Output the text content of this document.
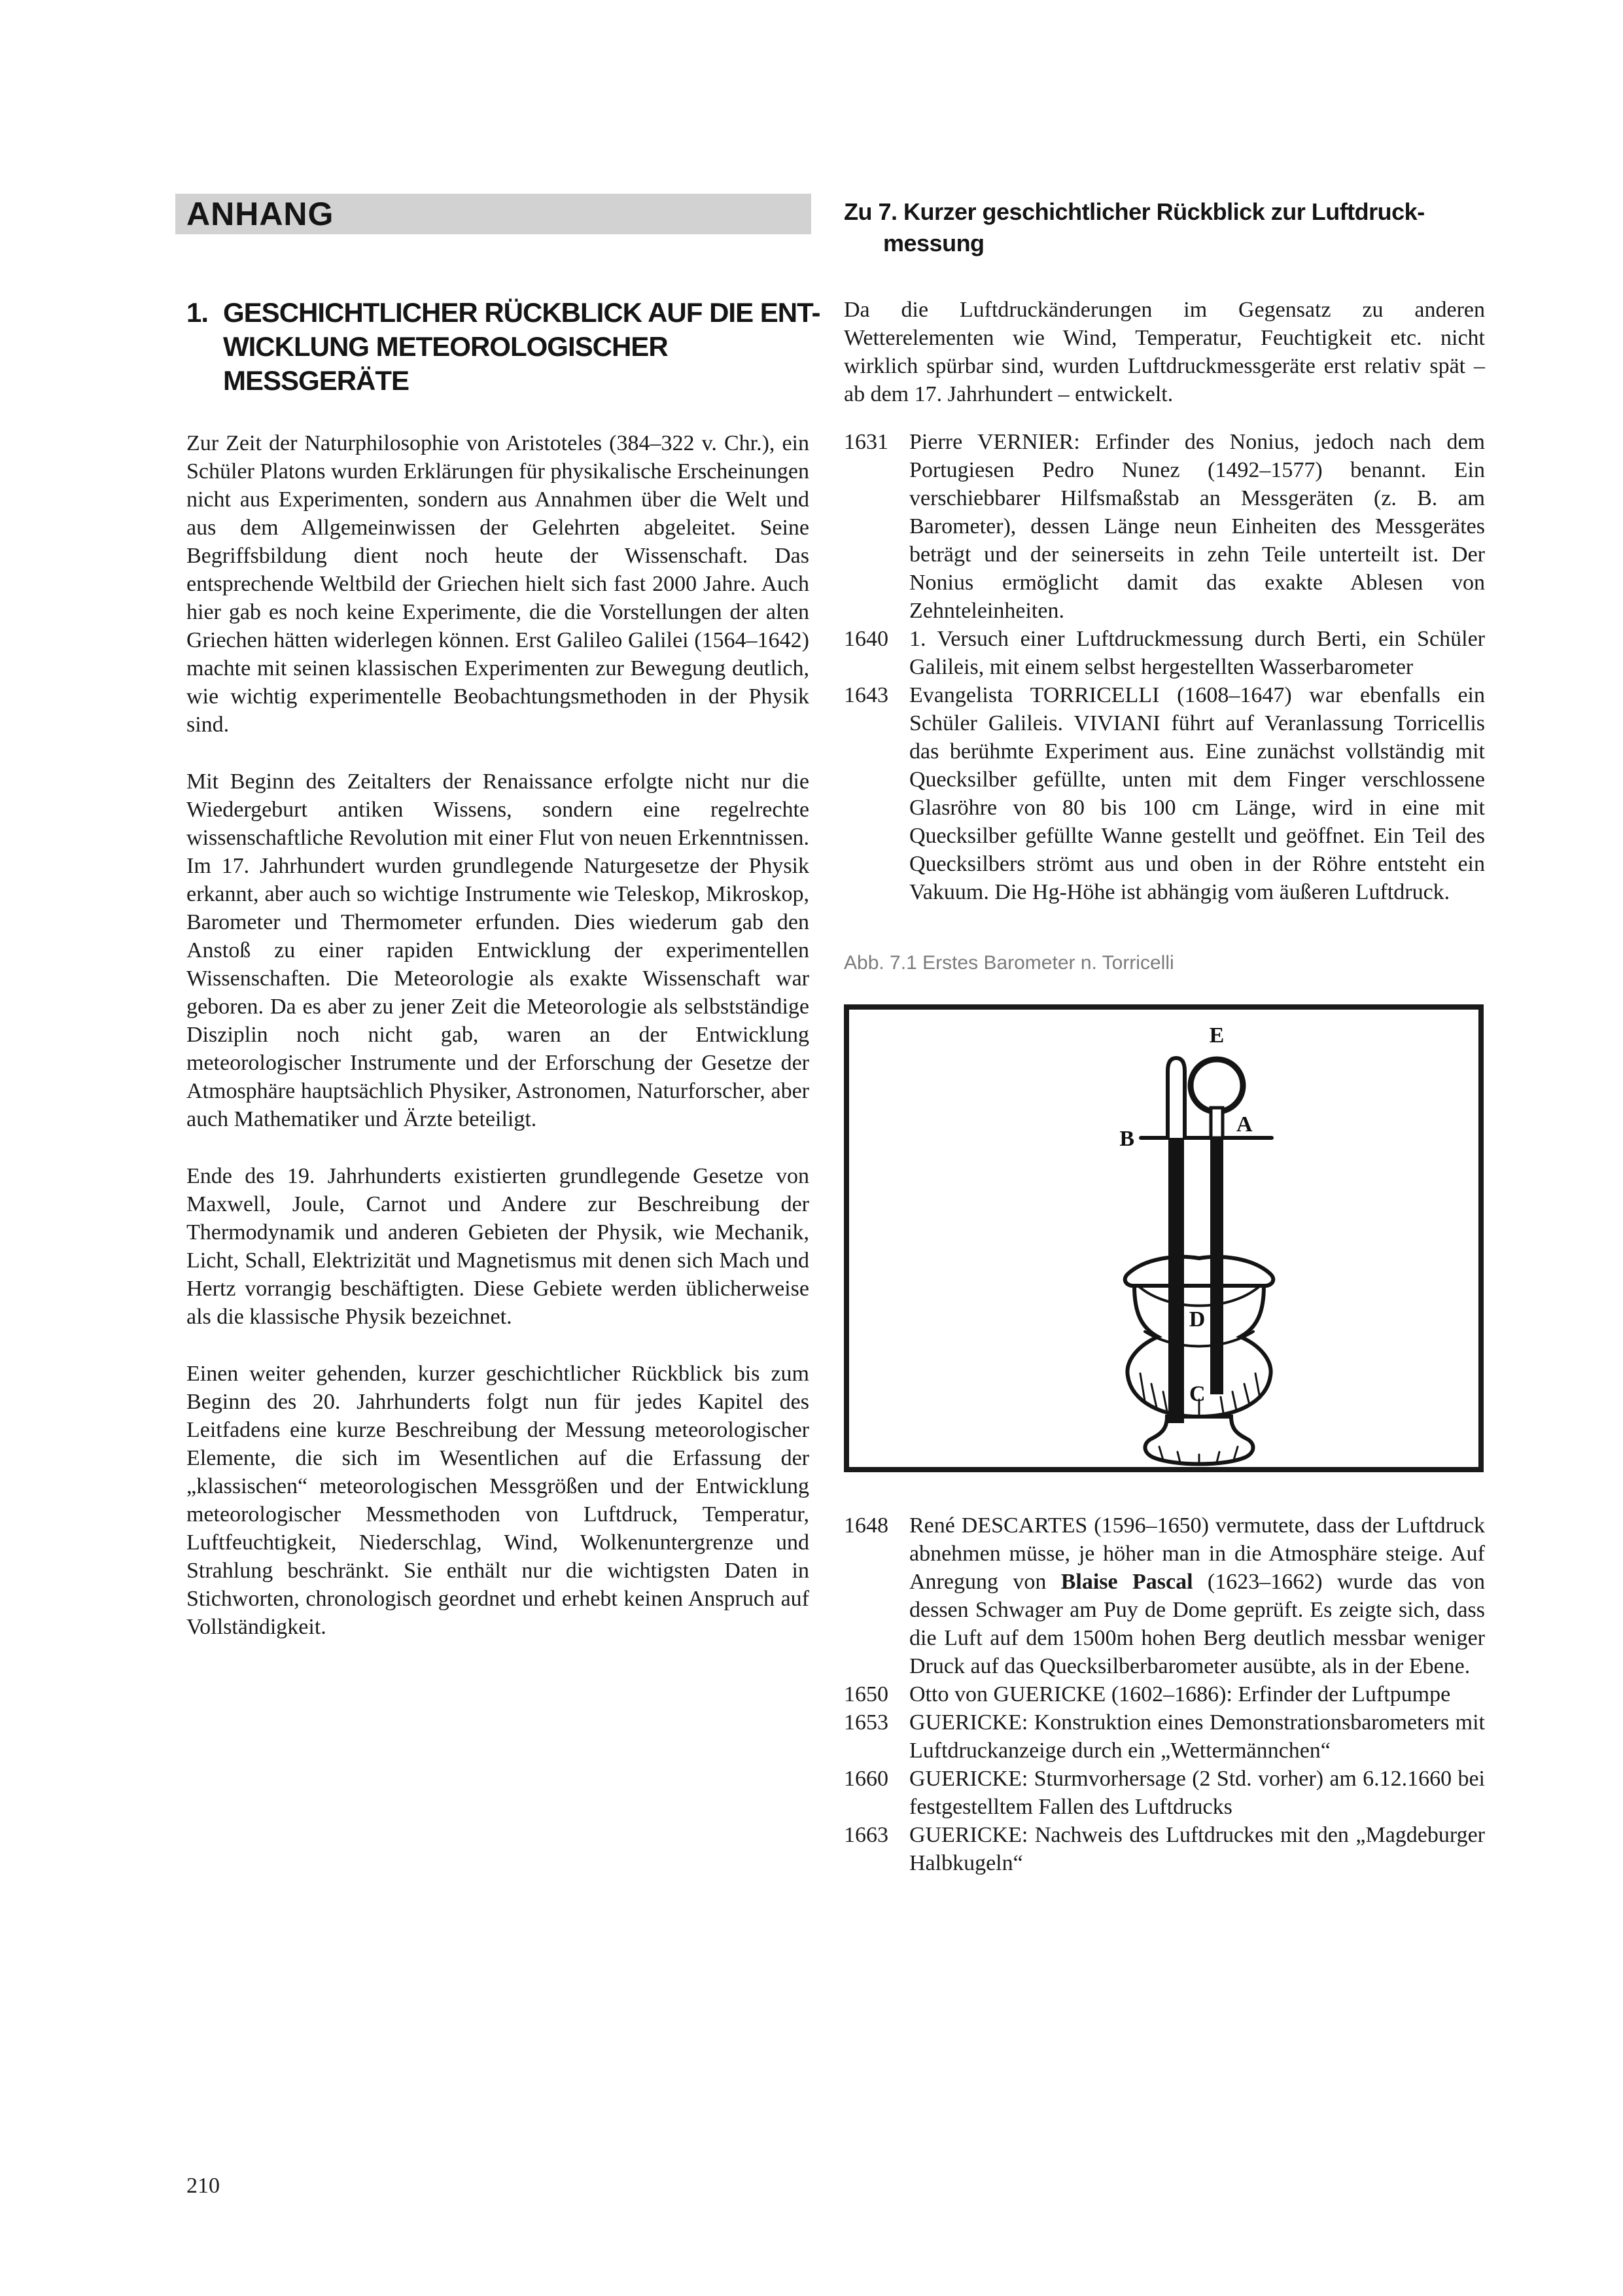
ANHANG
1. GESCHICHTLICHER RÜCKBLICK AUF DIE ENT-
WICKLUNG METEOROLOGISCHER MESSGERÄTE

Zur Zeit der Naturphilosophie von Aristoteles (384–322 v. Chr.), ein Schüler Platons wurden Erklärungen für physikalische Erscheinungen nicht aus Experimenten, sondern aus Annahmen über die Welt und aus dem Allgemeinwissen der Gelehrten abgeleitet. Seine Begriffsbildung dient noch heute der Wissenschaft. Das entsprechende Weltbild der Griechen hielt sich fast 2000 Jahre. Auch hier gab es noch keine Experimente, die die Vorstellungen der alten Griechen hätten widerlegen können. Erst Galileo Galilei (1564–1642) machte mit seinen klassischen Experimenten zur Bewegung deutlich, wie wichtig experimentelle Beobachtungsmethoden in der Physik sind.

Mit Beginn des Zeitalters der Renaissance erfolgte nicht nur die Wiedergeburt antiken Wissens, sondern eine regelrechte wissenschaftliche Revolution mit einer Flut von neuen Erkenntnissen. Im 17. Jahrhundert wurden grundlegende Naturgesetze der Physik erkannt, aber auch so wichtige Instrumente wie Teleskop, Mikroskop, Barometer und Thermometer erfunden. Dies wiederum gab den Anstoß zu einer rapiden Entwicklung der experimentellen Wissenschaften. Die Meteorologie als exakte Wissenschaft war geboren. Da es aber zu jener Zeit die Meteorologie als selbstständige Disziplin noch nicht gab, waren an der Entwicklung meteorologischer Instrumente und der Erforschung der Gesetze der Atmosphäre hauptsächlich Physiker, Astronomen, Naturforscher, aber auch Mathematiker und Ärzte beteiligt.

Ende des 19. Jahrhunderts existierten grundlegende Gesetze von Maxwell, Joule, Carnot und Andere zur Beschreibung der Thermodynamik und anderen Gebieten der Physik, wie Mechanik, Licht, Schall, Elektrizität und Magnetismus mit denen sich Mach und Hertz vorrangig beschäftigten. Diese Gebiete werden üblicherweise als die klassische Physik bezeichnet.

Einen weiter gehenden, kurzer geschichtlicher Rückblick bis zum Beginn des 20. Jahrhunderts folgt nun für jedes Kapitel des Leitfadens eine kurze Beschreibung der Messung meteorologischer Elemente, die sich im Wesentlichen auf die Erfassung der „klassischen“ meteorologischen Messgrößen und der Entwicklung meteorologischer Messmethoden von Luftdruck, Temperatur, Luftfeuchtigkeit, Niederschlag, Wind, Wolkenuntergrenze und Strahlung beschränkt. Sie enthält nur die wichtigsten Daten in Stichworten, chronologisch geordnet und erhebt keinen Anspruch auf Vollständigkeit.

Zu 7. Kurzer geschichtlicher Rückblick zur Luftdruck-
messung

Da die Luftdruckänderungen im Gegensatz zu anderen Wetterelementen wie Wind, Temperatur, Feuchtigkeit etc. nicht wirklich spürbar sind, wurden Luftdruckmessgeräte erst relativ spät – ab dem 17. Jahrhundert – entwickelt.

1631 Pierre VERNIER: Erfinder des Nonius, jedoch nach dem Portugiesen Pedro Nunez (1492–1577) benannt. Ein verschiebbarer Hilfsmaßstab an Messgeräten (z. B. am Barometer), dessen Länge neun Einheiten des Messgerätes beträgt und der seinerseits in zehn Teile unterteilt ist. Der Nonius ermöglicht damit das exakte Ablesen von Zehnteleinheiten.

1640 1. Versuch einer Luftdruckmessung durch Berti, ein Schüler Galileis, mit einem selbst hergestellten Wasserbarometer

1643 Evangelista TORRICELLI (1608–1647) war ebenfalls ein Schüler Galileis. VIVIANI führt auf Veranlassung Torricellis das berühmte Experiment aus. Eine zunächst vollständig mit Quecksilber gefüllte, unten mit dem Finger verschlossene Glasröhre von 80 bis 100 cm Länge, wird in eine mit Quecksilber gefüllte Wanne gestellt und geöffnet. Ein Teil des Quecksilbers strömt aus und oben in der Röhre entsteht ein Vakuum. Die Hg-Höhe ist abhängig vom äußeren Luftdruck.

Abb. 7.1 Erstes Barometer n. Torricelli
B
A
E
D
C
1648 René DESCARTES (1596–1650) vermutete, dass der Luftdruck abnehmen müsse, je höher man in die Atmosphäre steige. Auf Anregung von Blaise Pascal (1623–1662) wurde das von dessen Schwager am Puy de Dome geprüft. Es zeigte sich, dass die Luft auf dem 1500m hohen Berg deutlich messbar weniger Druck auf das Quecksilberbarometer ausübte, als in der Ebene.

1650 Otto von GUERICKE (1602–1686): Erfinder der Luftpumpe

1653 GUERICKE: Konstruktion eines Demonstrationsbarometers mit Luftdruckanzeige durch ein „Wettermännchen“

1660 GUERICKE: Sturmvorhersage (2 Std. vorher) am 6.12.1660 bei festgestelltem Fallen des Luftdrucks

1663 GUERICKE: Nachweis des Luftdruckes mit den „Magdeburger Halbkugeln“

210
